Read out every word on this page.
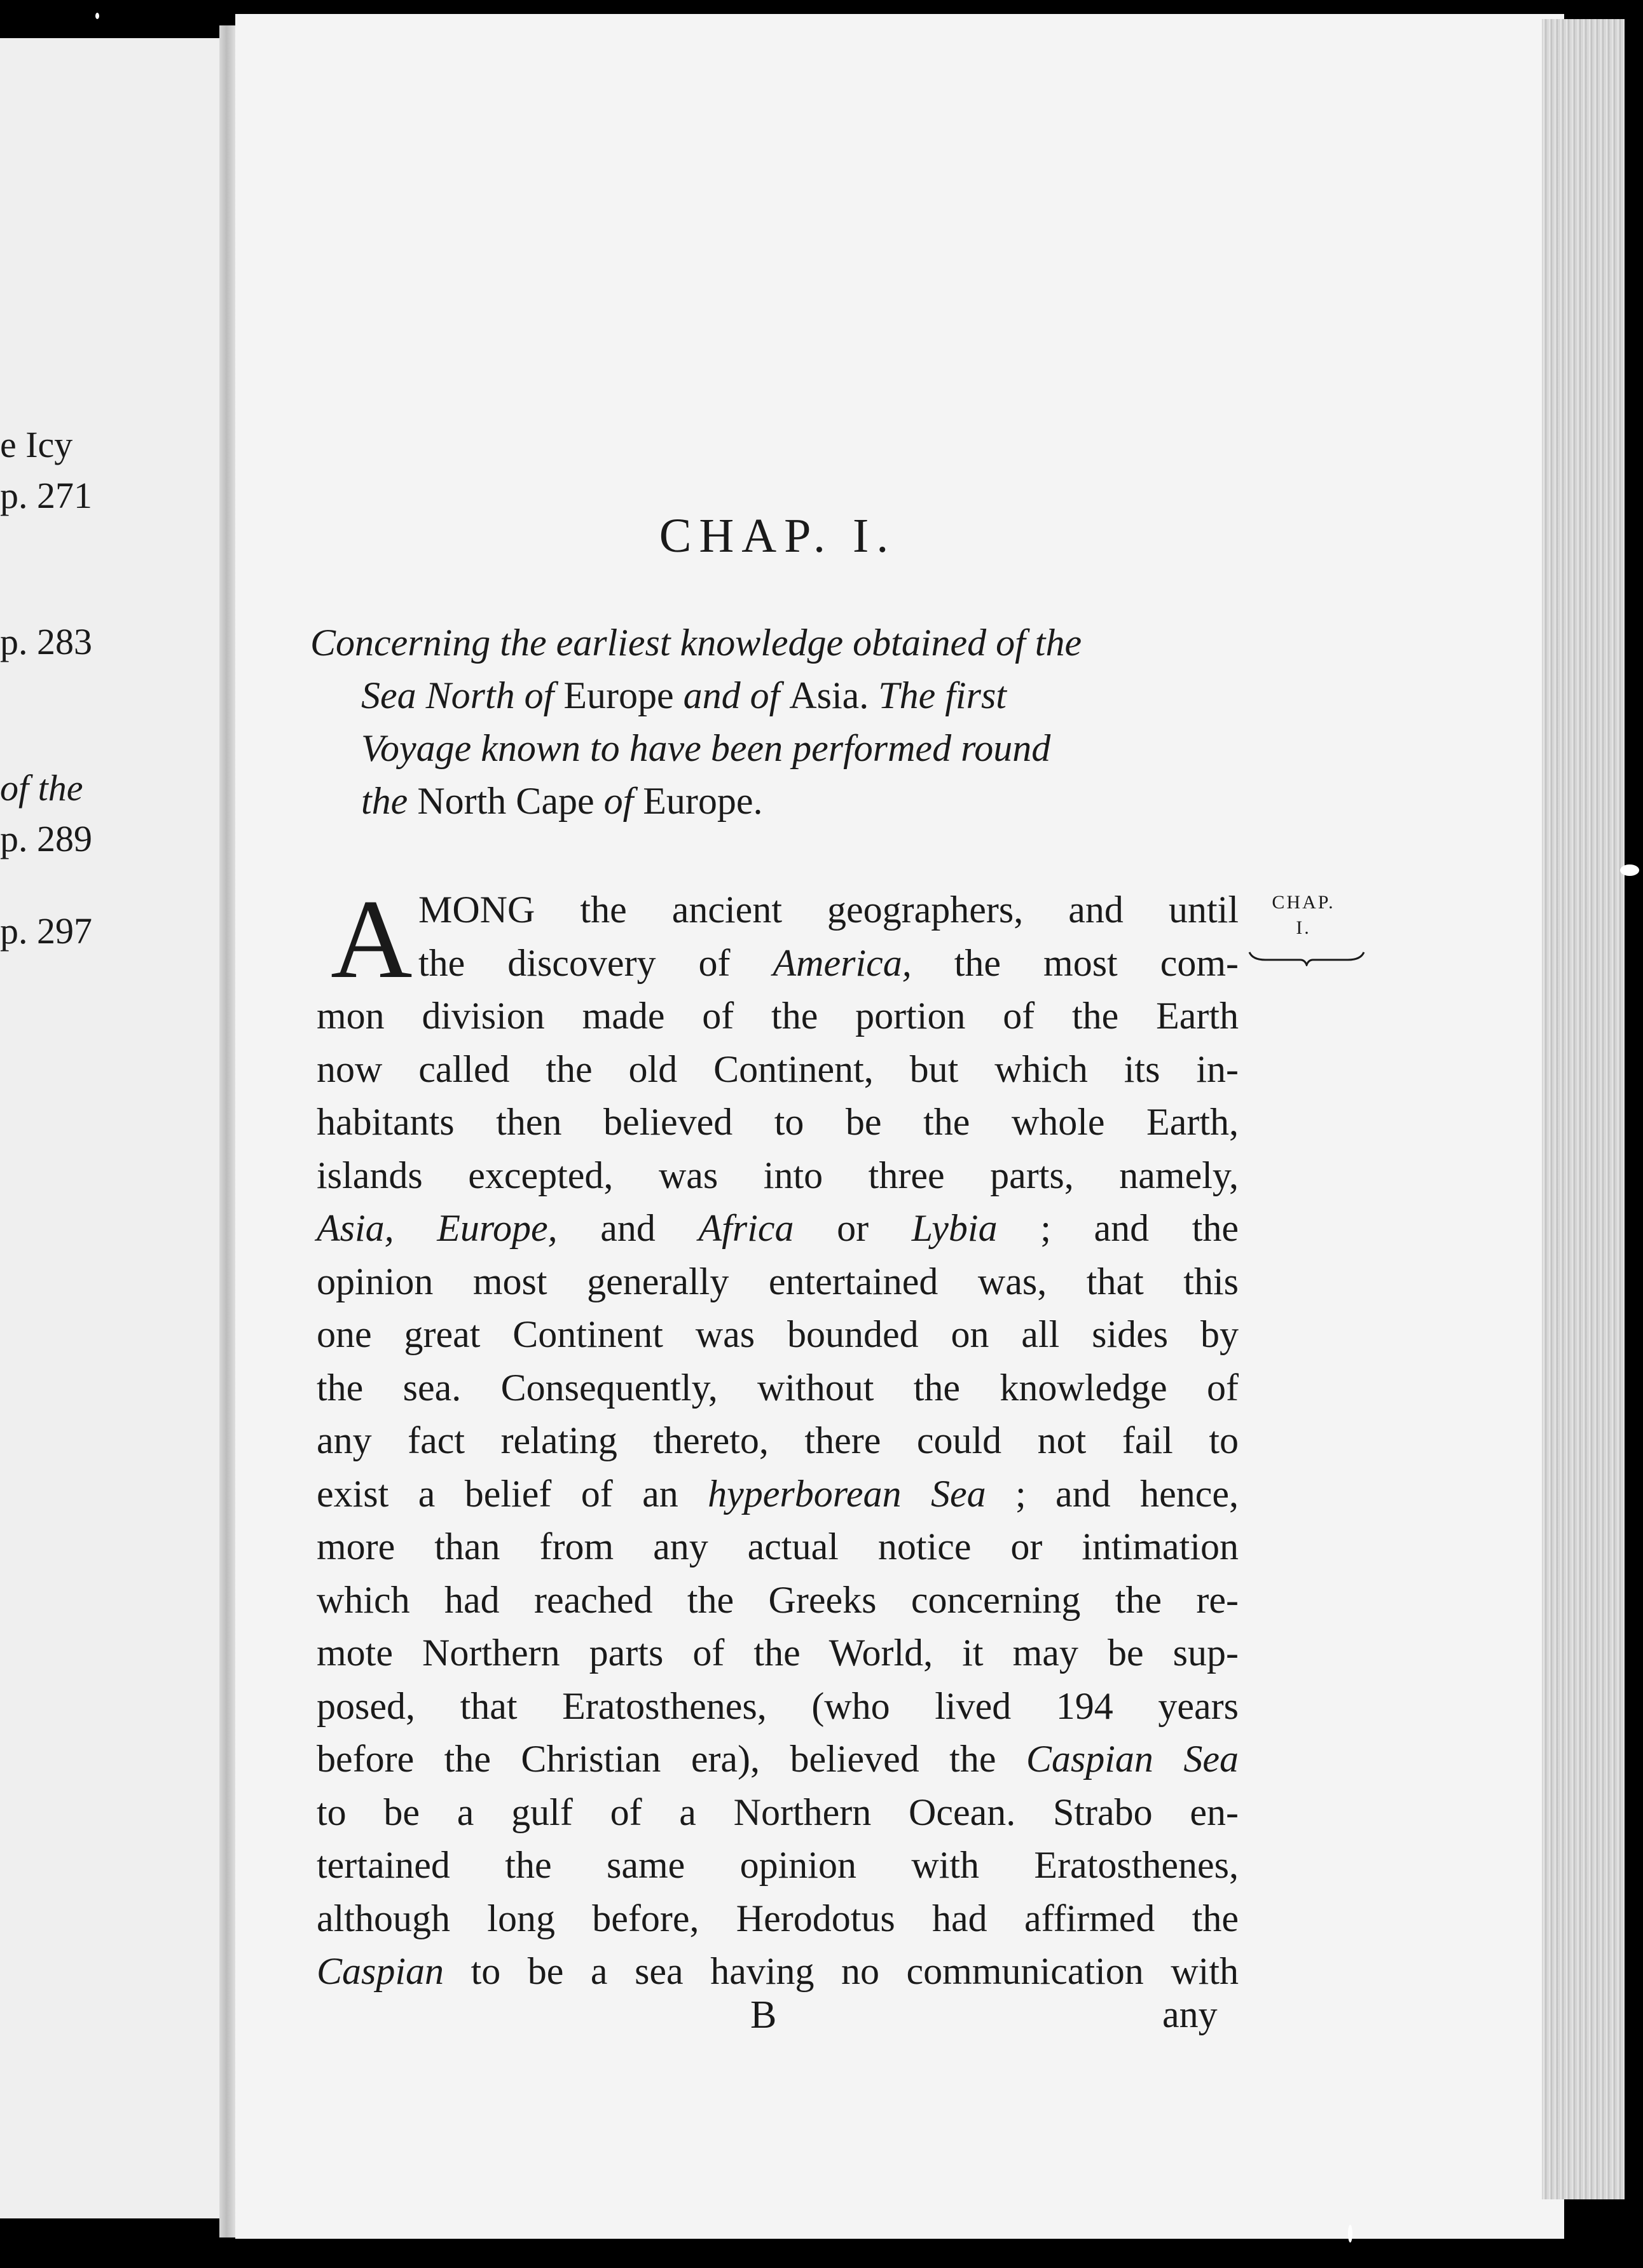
e Icy
p. 271
p. 283
of the
p. 289
p. 297
CHAP. I.
Concerning the earliest knowledge obtained of the
Sea North of Europe and of Asia. The first
Voyage known to have been performed round
the North Cape of Europe.
A MONG the ancient geographers, and until
the discovery of America, the most com-
mon division made of the portion of the Earth
now called the old Continent, but which its in-
habitants then believed to be the whole Earth,
islands excepted, was into three parts, namely,
Asia, Europe, and Africa or Lybia ; and the
opinion most generally entertained was, that this
one great Continent was bounded on all sides by
the sea. Consequently, without the knowledge of
any fact relating thereto, there could not fail to
exist a belief of an hyperborean Sea ; and hence,
more than from any actual notice or intimation
which had reached the Greeks concerning the re-
mote Northern parts of the World, it may be sup-
posed, that Eratosthenes, (who lived 194 years
before the Christian era), believed the Caspian Sea
to be a gulf of a Northern Ocean. Strabo en-
tertained the same opinion with Eratosthenes,
although long before, Herodotus had affirmed the
Caspian to be a sea having no communication with
CHAP.
I.
B	any
